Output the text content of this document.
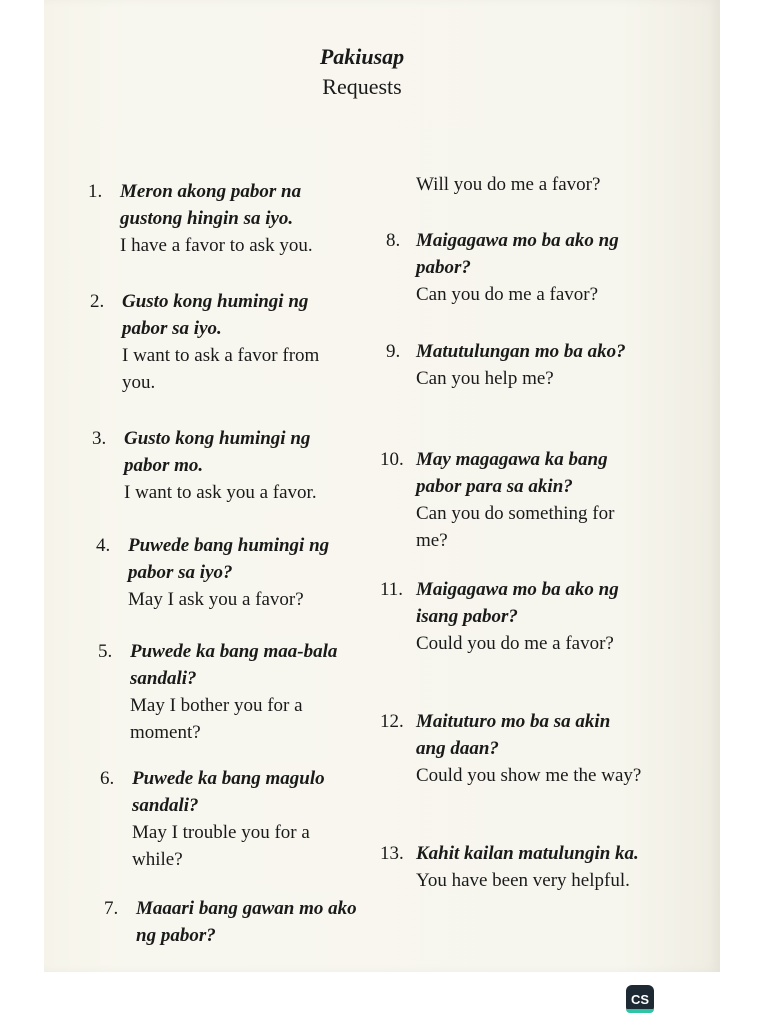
Pakiusap
Requests
1. Meron akong pabor na gustong hingin sa iyo.
I have a favor to ask you.
2. Gusto kong humingi ng pabor sa iyo.
I want to ask a favor from you.
3. Gusto kong humingi ng pabor mo.
I want to ask you a favor.
4. Puwede bang humingi ng pabor sa iyo?
May I ask you a favor?
5. Puwede ka bang maa-bala sandali?
May I bother you for a moment?
6. Puwede ka bang magulo sandali?
May I trouble you for a while?
7. Maaari bang gawan mo ako ng pabor?
Will you do me a favor?
8. Maigagawa mo ba ako ng pabor?
Can you do me a favor?
9. Matutulungan mo ba ako?
Can you help me?
10. May magagawa ka bang pabor para sa akin?
Can you do something for me?
11. Maigagawa mo ba ako ng isang pabor?
Could you do me a favor?
12. Maituturo mo ba sa akin ang daan?
Could you show me the way?
13. Kahit kailan matulungin ka.
You have been very helpful.
CS
